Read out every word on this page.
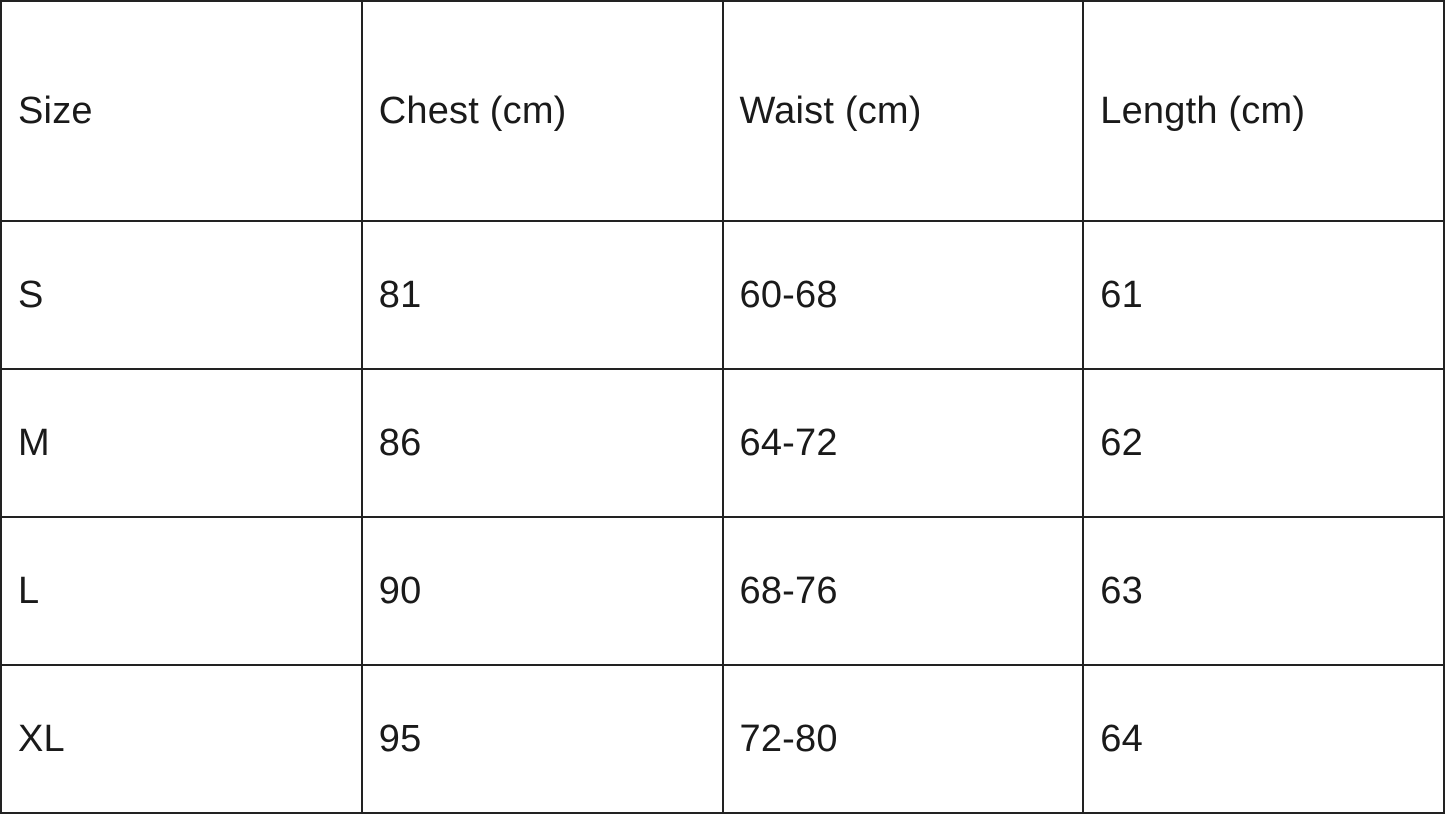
Size	Chest (cm)	Waist (cm)	Length (cm)
S	81	60-68	61
M	86	64-72	62
L	90	68-76	63
XL	95	72-80	64
